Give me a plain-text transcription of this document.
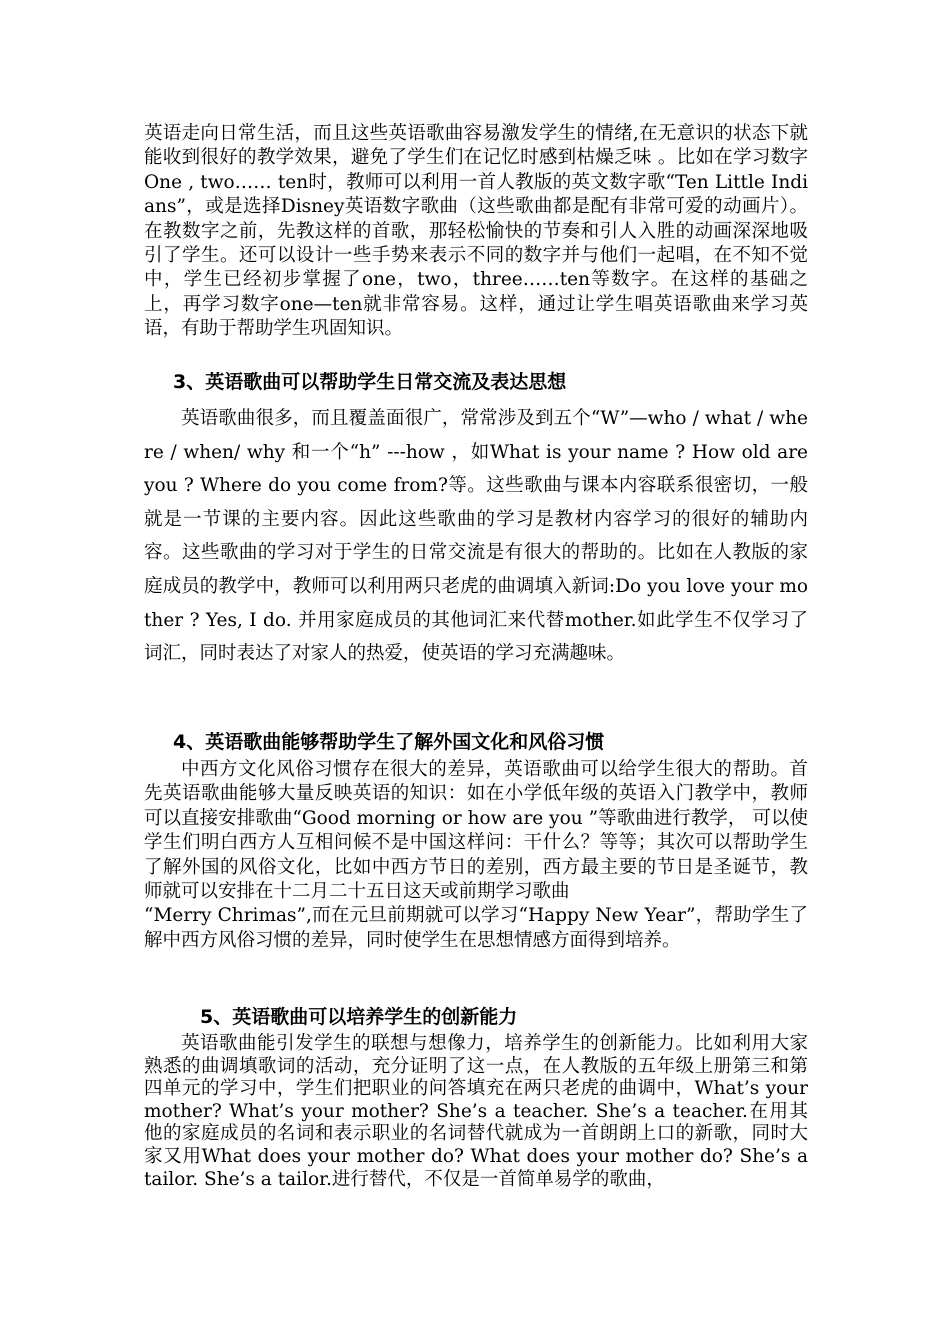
英语走向日常生活，而且这些英语歌曲容易激发学生的情绪,在无意识的状态下就能收到很好的教学效果，避免了学生们在记忆时感到枯燥乏味 。比如在学习数字 One , two…… ten时，教师可以利用一首人教版的英文数字歌“Ten Little Indians”，或是选择Disney英语数字歌曲（这些歌曲都是配有非常可爱的动画片）。在教数字之前，先教这样的首歌，那轻松愉快的节奏和引人入胜的动画深深地吸引了学生。还可以设计一些手势来表示不同的数字并与他们一起唱，在不知不觉中，学生已经初步掌握了one，two，three……ten等数字。在这样的基础之上，再学习数字one—ten就非常容易。这样，通过让学生唱英语歌曲来学习英语，有助于帮助学生巩固知识。

3、英语歌曲可以帮助学生日常交流及表达思想

英语歌曲很多，而且覆盖面很广，常常涉及到五个“W”—who / what / where / when/ why 和一个“h” ---how ，如What is your name ? How old are you ? Where do you come from?等。这些歌曲与课本内容联系很密切，一般就是一节课的主要内容。因此这些歌曲的学习是教材内容学习的很好的辅助内容。这些歌曲的学习对于学生的日常交流是有很大的帮助的。比如在人教版的家庭成员的教学中，教师可以利用两只老虎的曲调填入新词:Do you love your mother ? Yes, I do. 并用家庭成员的其他词汇来代替mother.如此学生不仅学习了词汇，同时表达了对家人的热爱，使英语的学习充满趣味。

4、英语歌曲能够帮助学生了解外国文化和风俗习惯
中西方文化风俗习惯存在很大的差异，英语歌曲可以给学生很大的帮助。首先英语歌曲能够大量反映英语的知识：如在小学低年级的英语入门教学中，教师可以直接安排歌曲“Good morning or how are you ”等歌曲进行教学， 可以使学生们明白西方人互相问候不是中国这样问：干什么？等等；其次可以帮助学生了解外国的风俗文化，比如中西方节日的差别，西方最主要的节日是圣诞节，教师就可以安排在十二月二十五日这天或前期学习歌曲
“Merry Chrimas”,而在元旦前期就可以学习“Happy New Year”，帮助学生了解中西方风俗习惯的差异，同时使学生在思想情感方面得到培养。
5、英语歌曲可以培养学生的创新能力

英语歌曲能引发学生的联想与想像力，培养学生的创新能力。比如利用大家熟悉的曲调填歌词的活动，充分证明了这一点，在人教版的五年级上册第三和第四单元的学习中，学生们把职业的问答填充在两只老虎的曲调中，What’s your mother? What’s your mother? She’s a teacher. She’s a teacher.在用其他的家庭成员的名词和表示职业的名词替代就成为一首朗朗上口的新歌，同时大家又用What does your mother do? What does your mother do? She’s a tailor. She’s a tailor.进行替代，不仅是一首简单易学的歌曲，
